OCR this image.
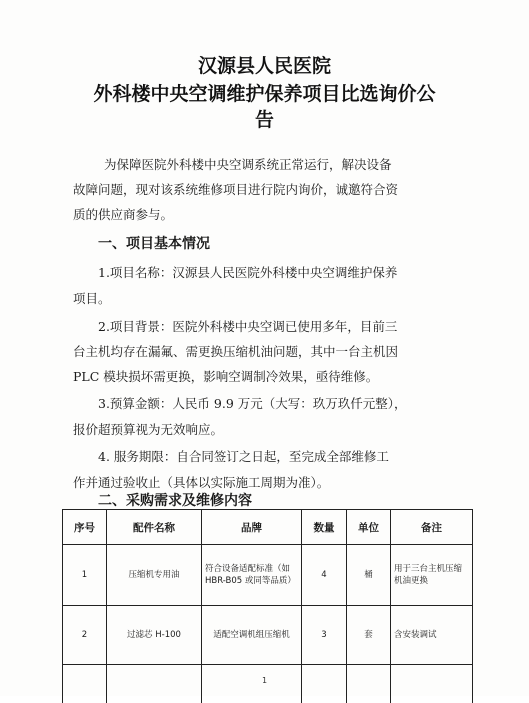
汉源县人民医院
外科楼中央空调维护保养项目比选询价公
告

为保障医院外科楼中央空调系统正常运行，解决设备

故障问题，现对该系统维修项目进行院内询价，诚邀符合资

质的供应商参与。

一、项目基本情况

1.项目名称：汉源县人民医院外科楼中央空调维护保养

项目。

2.项目背景：医院外科楼中央空调已使用多年，目前三

台主机均存在漏氟、需更换压缩机油问题，其中一台主机因

PLC 模块损坏需更换，影响空调制冷效果，亟待维修。

3.预算金额：人民币 9.9 万元（大写：玖万玖仟元整），

报价超预算视为无效响应。

4. 服务期限：自合同签订之日起，至完成全部维修工

作并通过验收止（具体以实际施工周期为准）。

二、采购需求及维修内容
序号	配件名称	品牌	数量	单位	备注
1	压缩机专用油	符合设备适配标准（如 HBR-B05 或同等品质）	4	桶	用于三台主机压缩机油更换
2	过滤芯 H-100	适配空调机组压缩机	3	套	含安装调试

1
